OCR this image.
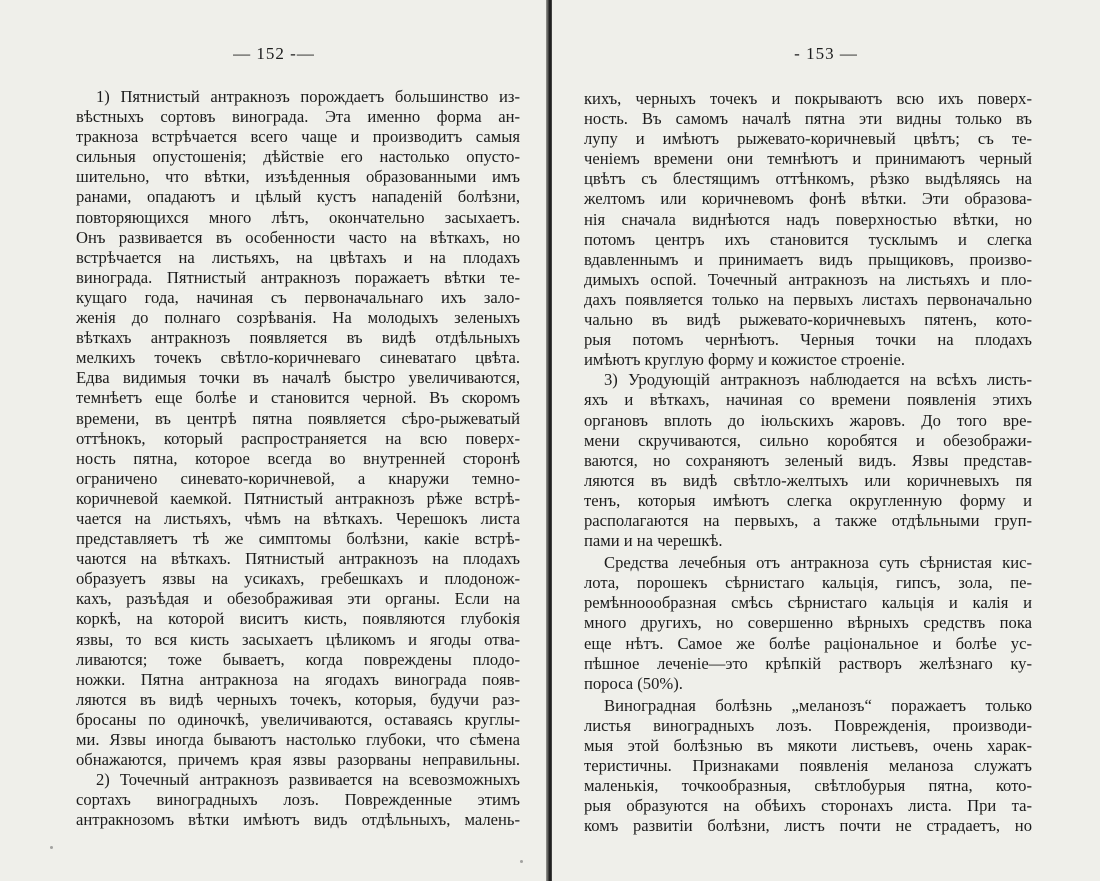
— 152 -—
1) Пятнистый антракнозъ порождаетъ большинство из-
вѣстныхъ сортовъ винограда. Эта именно форма ан-
тракноза встрѣчается всего чаще и производитъ самыя
сильныя опустошенія; дѣйствіе его настолько опусто-
шительно, что вѣтки, изъѣденныя образованными имъ
ранами, опадаютъ и цѣлый кустъ нападеній болѣзни,
повторяющихся много лѣтъ, окончательно засыхаетъ.
Онъ развивается въ особенности часто на вѣткахъ, но
встрѣчается на листьяхъ, на цвѣтахъ и на плодахъ
винограда. Пятнистый антракнозъ поражаетъ вѣтки те-
кущаго года, начиная съ первоначальнаго ихъ зало-
женія до полнаго созрѣванія. На молодыхъ зеленыхъ
вѣткахъ антракнозъ появляется въ видѣ отдѣльныхъ
мелкихъ точекъ свѣтло-коричневаго синеватаго цвѣта.
Едва видимыя точки въ началѣ быстро увеличиваются,
темнѣетъ еще болѣе и становится черной. Въ скоромъ
времени, въ центрѣ пятна появляется сѣро-рыжеватый
оттѣнокъ, который распространяется на всю поверх-
ность пятна, которое всегда во внутренней сторонѣ
ограничено синевато-коричневой, а кнаружи темно-
коричневой каемкой. Пятнистый антракнозъ рѣже встрѣ-
чается на листьяхъ, чѣмъ на вѣткахъ. Черешокъ листа
представляетъ тѣ же симптомы болѣзни, какіе встрѣ-
чаются на вѣткахъ. Пятнистый антракнозъ на плодахъ
образуетъ язвы на усикахъ, гребешкахъ и плодонож-
кахъ, разъѣдая и обезображивая эти органы. Если на
коркѣ, на которой виситъ кисть, появляются глубокія
язвы, то вся кисть засыхаетъ цѣликомъ и ягоды отва-
ливаются; тоже бываетъ, когда повреждены плодо-
ножки. Пятна антракноза на ягодахъ винограда появ-
ляются въ видѣ черныхъ точекъ, которыя, будучи раз-
бросаны по одиночкѣ, увеличиваются, оставаясь круглы-
ми. Язвы иногда бываютъ настолько глубоки, что сѣмена
обнажаются, причемъ края язвы разорваны неправильны.
2) Точечный антракнозъ развивается на всевозможныхъ
сортахъ виноградныхъ лозъ. Поврежденные этимъ
антракнозомъ вѣтки имѣютъ видъ отдѣльныхъ, малень-
- 153 —
кихъ, черныхъ точекъ и покрываютъ всю ихъ поверх-
ность. Въ самомъ началѣ пятна эти видны только въ
лупу и имѣютъ рыжевато-коричневый цвѣтъ; съ те-
ченіемъ времени они темнѣютъ и принимаютъ черный
цвѣтъ съ блестящимъ оттѣнкомъ, рѣзко выдѣляясь на
желтомъ или коричневомъ фонѣ вѣтки. Эти образова-
нія сначала виднѣются надъ поверхностью вѣтки, но
потомъ центръ ихъ становится тусклымъ и слегка
вдавленнымъ и принимаетъ видъ прыщиковъ, произво-
димыхъ оспой. Точечный антракнозъ на листьяхъ и пло-
дахъ появляется только на первыхъ листахъ первоначально
чально въ видѣ рыжевато-коричневыхъ пятенъ, кото-
рыя потомъ чернѣютъ. Черныя точки на плодахъ
имѣютъ круглую форму и кожистое строеніе.
3) Уродующій антракнозъ наблюдается на всѣхъ листь-
яхъ и вѣткахъ, начиная со времени появленія этихъ
органовъ вплоть до іюльскихъ жаровъ. До того вре-
мени скручиваются, сильно коробятся и обезображи-
ваются, но сохраняютъ зеленый видъ. Язвы представ-
ляются въ видѣ свѣтло-желтыхъ или коричневыхъ пя
тенъ, которыя имѣютъ слегка округленную форму и
располагаются на первыхъ, а также отдѣльными груп-
пами и на черешкѣ.
Средства лечебныя отъ антракноза суть сѣрнистая кис-
лота, порошекъ сѣрнистаго кальція, гипсъ, зола, пе-
ремѣнноообразная смѣсь сѣрнистаго кальція и калія и
много другихъ, но совершенно вѣрныхъ средствъ пока
еще нѣтъ. Самое же болѣе раціональное и болѣе ус-
пѣшное леченіе—это крѣпкій растворъ желѣзнаго ку-
пороса (50%).
Виноградная болѣзнь „меланозъ“ поражаетъ только
листья виноградныхъ лозъ. Поврежденія, производи-
мыя этой болѣзнью въ мякоти листьевъ, очень харак-
теристичны. Признаками появленія меланоза служатъ
маленькія, точкообразныя, свѣтлобурыя пятна, кото-
рыя образуются на обѣихъ сторонахъ листа. При та-
комъ развитіи болѣзни, листъ почти не страдаетъ, но
